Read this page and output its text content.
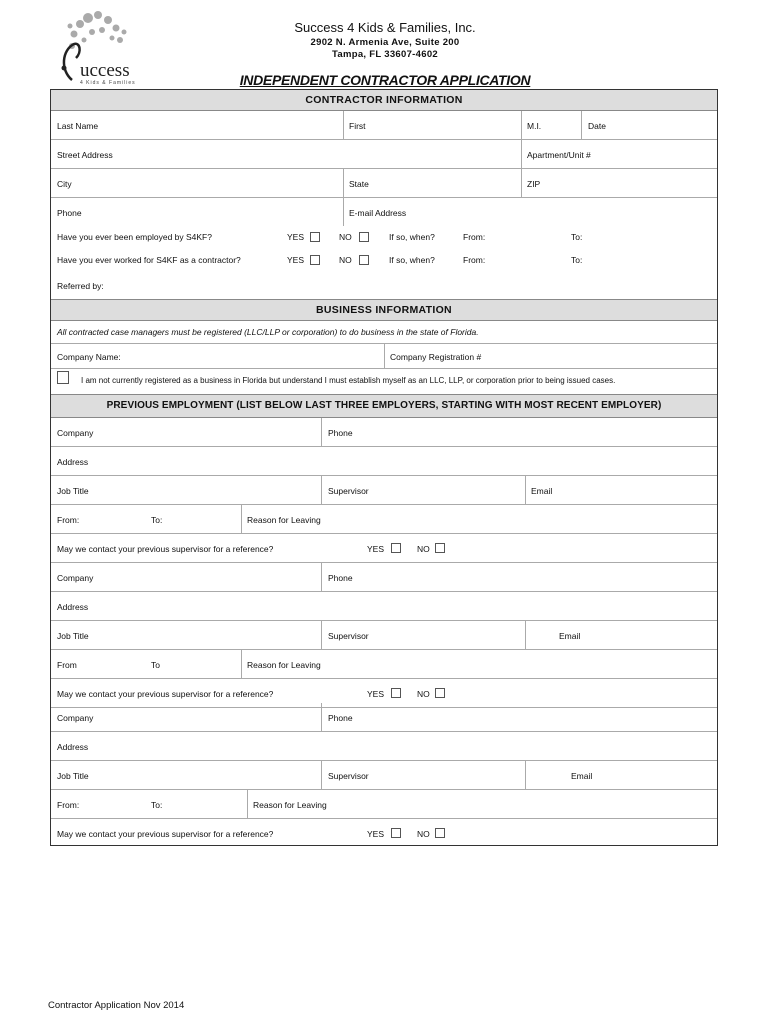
uccess
4 Kids & Families
Success 4 Kids & Families, Inc.
2902 N. Armenia Ave, Suite 200
Tampa, FL 33607-4602
INDEPENDENT CONTRACTOR APPLICATION
CONTRACTOR INFORMATION
Last Name	First	M.I.	Date
Street Address	Apartment/Unit #
City	State	ZIP
Phone	E-mail Address
Have you ever been employed by S4KF?	YES	NO	If so, when?	From:	To:
Have you ever worked for S4KF as a contractor?	YES	NO	If so, when?	From:	To:
Referred by:
BUSINESS INFORMATION
All contracted case managers must be registered (LLC/LLP or corporation) to do business in the state of Florida.
Company Name:	Company Registration #
I am not currently registered as a business in Florida but understand I must establish myself as an LLC, LLP, or corporation prior to being issued cases.
PREVIOUS EMPLOYMENT (LIST BELOW LAST THREE EMPLOYERS, STARTING WITH MOST RECENT EMPLOYER)
Company	Phone
Address
Job Title	Supervisor	Email
From:	To:	Reason for Leaving
May we contact your previous supervisor for a reference?	YES	NO
Company	Phone
Address
Job Title	Supervisor	Email
From	To	Reason for Leaving
May we contact your previous supervisor for a reference?	YES	NO
Company	Phone
Address
Job Title	Supervisor	Email
From:	To:	Reason for Leaving
May we contact your previous supervisor for a reference?	YES	NO
Contractor Application Nov 2014
